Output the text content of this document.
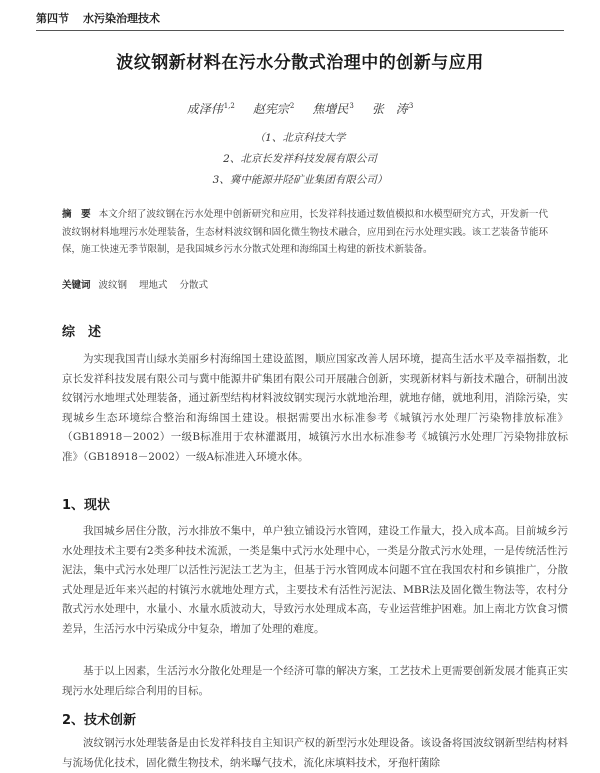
第四节 水污染治理技术
波纹钢新材料在污水分散式治理中的创新与应用
成泽伟$^{1,2}$ 赵宪宗$^2$ 焦增民$^3$ 张　涛$^3$
（1、北京科技大学
2、北京长发祥科技发展有限公司
3、冀中能源井陉矿业集团有限公司）
摘　要 本文介绍了波纹钢在污水处理中创新研究和应用，长发祥科技通过数值模拟和水模型研究方式，开发新一代波纹钢材料地埋污水处理装备，生态材料波纹钢和固化微生物技术融合，应用到在污水处理实践。该工艺装备节能环保，施工快速无季节限制，是我国城乡污水分散式处理和海绵国土构建的新技术新装备。
关键词 波纹钢 埋地式 分散式
综　述
为实现我国青山绿水美丽乡村海绵国土建设蓝图，顺应国家改善人居环境，提高生活水平及幸福指数，北京长发祥科技发展有限公司与冀中能源井矿集团有限公司开展融合创新，实现新材料与新技术融合，研制出波纹钢污水地埋式处理装备，通过新型结构材料波纹钢实现污水就地治理，就地存储，就地利用，消除污染，实现城乡生态环境综合整治和海绵国土建设。根据需要出水标准参考《城镇污水处理厂污染物排放标准》（GB18918－2002）一级B标准用于农林灌溉用，城镇污水出水标准参考《城镇污水处理厂污染物排放标准》（GB18918－2002）一级A标准进入环境水体。
1、现状
我国城乡居住分散，污水排放不集中，单户独立铺设污水管网，建设工作量大，投入成本高。目前城乡污水处理技术主要有2类多种技术流派，一类是集中式污水处理中心，一类是分散式污水处理，一是传统活性污泥法，集中式污水处理厂以活性污泥法工艺为主，但基于污水管网成本问题不宜在我国农村和乡镇推广，分散式处理是近年来兴起的村镇污水就地处理方式，主要技术有活性污泥法、MBR法及固化微生物法等，农村分散式污水处理中，水量小、水量水质波动大，导致污水处理成本高，专业运营维护困难。加上南北方饮食习惯差异，生活污水中污染成分中复杂，增加了处理的难度。
基于以上因素，生活污水分散化处理是一个经济可靠的解决方案，工艺技术上更需要创新发展才能真正实现污水处理后综合利用的目标。
2、技术创新
波纹钢污水处理装备是由长发祥科技自主知识产权的新型污水处理设备。该设备将国波纹钢新型结构材料与流场优化技术，固化微生物技术，纳米曝气技术，流化床填料技术，牙孢杆菌除
